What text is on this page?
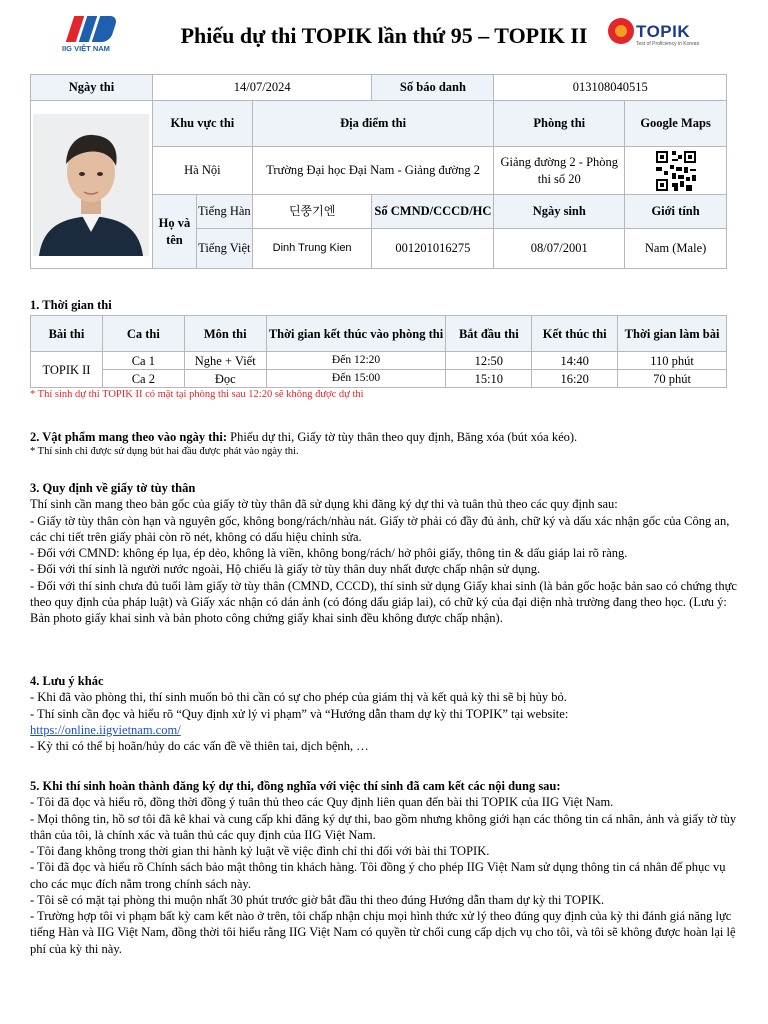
IIG VIỆT NAM
Phiếu dự thi TOPIK lần thứ 95 – TOPIK II	TOPIK
Test of Proficiency in Korean
Ngày thi	14/07/2024			Số báo danh	013108040515	

	Khu vực thi		Địa điểm thi		Phòng thi	Google Maps
	Hà Nội		Trường Đại học Đại Nam - Giảng đường 2		Giảng đường 2 - Phòng thi số 20	

	Họ và tên	Tiếng Hàn	딘쭝기엔	Số CMND/CCCD/HC	Ngày sinh	Giới tính
		Tiếng Việt	Dinh Trung Kien	001201016275	08/07/2001	Nam (Male)
1. Thời gian thi
Bài thi	Ca thi	Môn thi	Thời gian kết thúc vào phòng thi	Bắt đầu thi	Kết thúc thi	Thời gian làm bài
TOPIK II	Ca 1	Nghe + Viết	Đến 12:20	12:50	14:40	110 phút
	Ca 2	Đọc	Đến 15:00	15:10	16:20	70 phút

* Thí sinh dự thi TOPIK II có mặt tại phòng thi sau 12:20 sẽ không được dự thi

2. Vật phẩm mang theo vào ngày thi: Phiếu dự thi, Giấy tờ tùy thân theo quy định, Băng xóa (bút xóa kéo).

* Thí sinh chỉ được sử dụng bút hai đầu được phát vào ngày thi.

3. Quy định về giấy tờ tùy thân

Thí sinh cần mang theo bản gốc của giấy tờ tùy thân đã sử dụng khi đăng ký dự thi và tuân thủ theo các quy định sau:

- Giấy tờ tùy thân còn hạn và nguyên gốc, không bong/rách/nhàu nát. Giấy tờ phải có đầy đủ ảnh, chữ ký và dấu xác nhận gốc của Công an, các chi tiết trên giấy phải còn rõ nét, không có dấu hiệu chỉnh sửa.

- Đối với CMND: không ép lụa, ép dẻo, không là viền, không bong/rách/ hở phôi giấy, thông tin & dấu giáp lai rõ ràng.

- Đối với thí sinh là người nước ngoài, Hộ chiếu là giấy tờ tùy thân duy nhất được chấp nhận sử dụng.

- Đối với thí sinh chưa đủ tuổi làm giấy tờ tùy thân (CMND, CCCD), thí sinh sử dụng Giấy khai sinh (là bản gốc hoặc bản sao có chứng thực theo quy định của pháp luật) và Giấy xác nhận có dán ảnh (có đóng dấu giáp lai), có chữ ký của đại diện nhà trường đang theo học. (Lưu ý: Bản photo giấy khai sinh và bản photo công chứng giấy khai sinh đều không được chấp nhận).

4. Lưu ý khác

- Khi đã vào phòng thi, thí sinh muốn bỏ thi cần có sự cho phép của giám thị và kết quả kỳ thi sẽ bị hủy bỏ.

- Thí sinh cần đọc và hiểu rõ “Quy định xử lý vi phạm” và “Hướng dẫn tham dự kỳ thi TOPIK” tại website:

https://online.iigvietnam.com/

- Kỳ thi có thể bị hoãn/hủy do các vấn đề về thiên tai, dịch bệnh, …

5. Khi thí sinh hoàn thành đăng ký dự thi, đồng nghĩa với việc thí sinh đã cam kết các nội dung sau:

- Tôi đã đọc và hiểu rõ, đồng thời đồng ý tuân thủ theo các Quy định liên quan đến bài thi TOPIK của IIG Việt Nam.

- Mọi thông tin, hồ sơ tôi đã kê khai và cung cấp khi đăng ký dự thi, bao gồm nhưng không giới hạn các thông tin cá nhân, ảnh và giấy tờ tùy thân của tôi, là chính xác và tuân thủ các quy định của IIG Việt Nam.

- Tôi đang không trong thời gian thi hành kỷ luật về việc đình chỉ thi đối với bài thi TOPIK.

- Tôi đã đọc và hiểu rõ Chính sách bảo mật thông tin khách hàng. Tôi đồng ý cho phép IIG Việt Nam sử dụng thông tin cá nhân để phục vụ cho các mục đích nằm trong chính sách này.

- Tôi sẽ có mặt tại phòng thi muộn nhất 30 phút trước giờ bắt đầu thi theo đúng Hướng dẫn tham dự kỳ thi TOPIK.

- Trường hợp tôi vi phạm bất kỳ cam kết nào ở trên, tôi chấp nhận chịu mọi hình thức xử lý theo đúng quy định của kỳ thi đánh giá năng lực tiếng Hàn và IIG Việt Nam, đồng thời tôi hiểu rằng IIG Việt Nam có quyền từ chối cung cấp dịch vụ cho tôi, và tôi sẽ không được hoàn lại lệ phí của kỳ thi này.
